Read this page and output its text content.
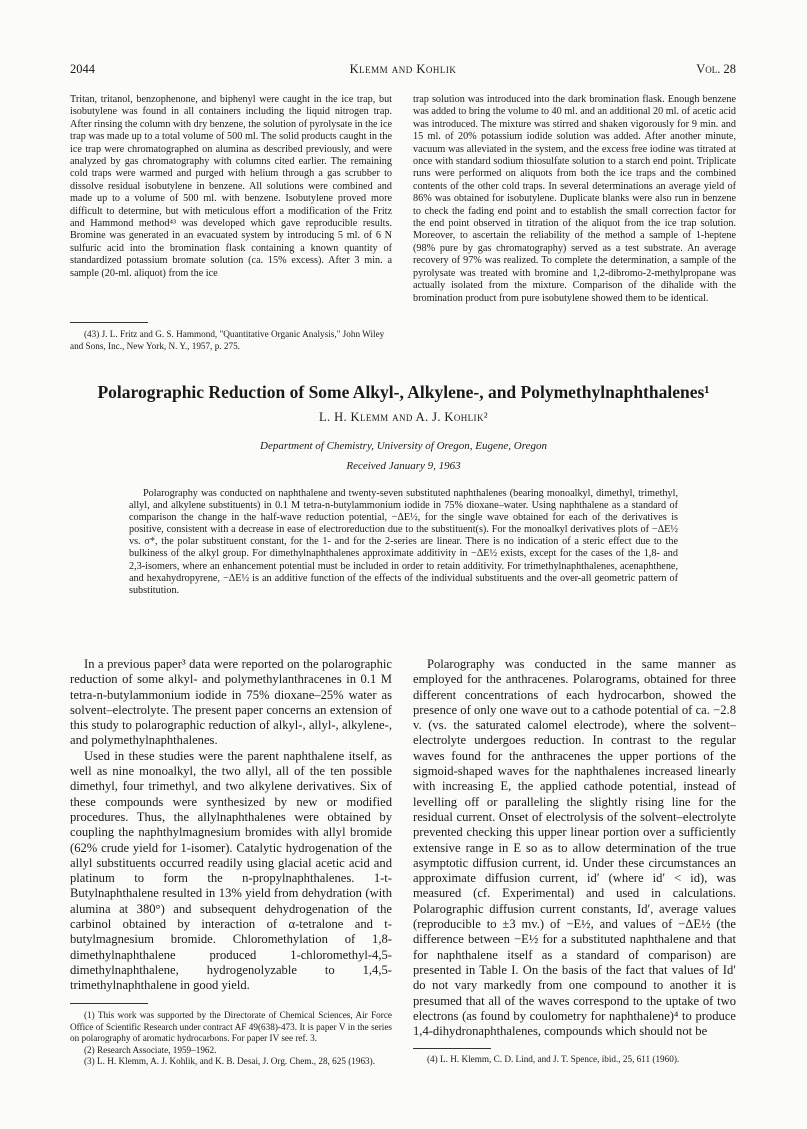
2044	Klemm and Kohlik	Vol. 28

Tritan, tritanol, benzophenone, and biphenyl were caught in the ice trap, but isobutylene was found in all containers including the liquid nitrogen trap. After rinsing the column with dry benzene, the solution of pyrolysate in the ice trap was made up to a total volume of 500 ml. The solid products caught in the ice trap were chromatographed on alumina as described previously, and were analyzed by gas chromatography with columns cited earlier. The remaining cold traps were warmed and purged with helium through a gas scrubber to dissolve residual isobutylene in benzene. All solutions were combined and made up to a volume of 500 ml. with benzene. Isobutylene proved more difficult to determine, but with meticulous effort a modification of the Fritz and Hammond method⁴³ was developed which gave reproducible results. Bromine was generated in an evacuated system by introducing 5 ml. of 6 N sulfuric acid into the bromination flask containing a known quantity of standardized potassium bromate solution (ca. 15% excess). After 3 min. a sample (20-ml. aliquot) from the ice

trap solution was introduced into the dark bromination flask. Enough benzene was added to bring the volume to 40 ml. and an additional 20 ml. of acetic acid was introduced. The mixture was stirred and shaken vigorously for 9 min. and 15 ml. of 20% potassium iodide solution was added. After another minute, vacuum was alleviated in the system, and the excess free iodine was titrated at once with standard sodium thiosulfate solution to a starch end point. Triplicate runs were performed on aliquots from both the ice traps and the combined contents of the other cold traps. In several determinations an average yield of 86% was obtained for isobutylene. Duplicate blanks were also run in benzene to check the fading end point and to establish the small correction factor for the end point observed in titration of the aliquot from the ice trap solution. Moreover, to ascertain the reliability of the method a sample of 1-heptene (98% pure by gas chromatography) served as a test substrate. An average recovery of 97% was realized. To complete the determination, a sample of the pyrolysate was treated with bromine and 1,2-dibromo-2-methylpropane was actually isolated from the mixture. Comparison of the dihalide with the bromination product from pure isobutylene showed them to be identical.

(43) J. L. Fritz and G. S. Hammond, "Quantitative Organic Analysis," John Wiley and Sons, Inc., New York, N. Y., 1957, p. 275.

Polarographic Reduction of Some Alkyl-, Alkylene-, and Polymethylnaphthalenes¹
L. H. Klemm and A. J. Kohlik²
Department of Chemistry, University of Oregon, Eugene, Oregon
Received January 9, 1963

Polarography was conducted on naphthalene and twenty-seven substituted naphthalenes (bearing monoalkyl, dimethyl, trimethyl, allyl, and alkylene substituents) in 0.1 M tetra-n-butylammonium iodide in 75% dioxane–water. Using naphthalene as a standard of comparison the change in the half-wave reduction potential, −ΔE½, for the single wave obtained for each of the derivatives is positive, consistent with a decrease in ease of electroreduction due to the substituent(s). For the monoalkyl derivatives plots of −ΔE½ vs. σ*, the polar substituent constant, for the 1- and for the 2-series are linear. There is no indication of a steric effect due to the bulkiness of the alkyl group. For dimethylnaphthalenes approximate additivity in −ΔE½ exists, except for the cases of the 1,8- and 2,3-isomers, where an enhancement potential must be included in order to retain additivity. For trimethylnaphthalenes, acenaphthene, and hexahydropyrene, −ΔE½ is an additive function of the effects of the individual substituents and the over-all geometric pattern of substitution.

In a previous paper³ data were reported on the polarographic reduction of some alkyl- and polymethylanthracenes in 0.1 M tetra-n-butylammonium iodide in 75% dioxane–25% water as solvent–electrolyte. The present paper concerns an extension of this study to polarographic reduction of alkyl-, allyl-, alkylene-, and polymethylnaphthalenes.

Used in these studies were the parent naphthalene itself, as well as nine monoalkyl, the two allyl, all of the ten possible dimethyl, four trimethyl, and two alkylene derivatives. Six of these compounds were synthesized by new or modified procedures. Thus, the allylnaphthalenes were obtained by coupling the naphthylmagnesium bromides with allyl bromide (62% crude yield for 1-isomer). Catalytic hydrogenation of the allyl substituents occurred readily using glacial acetic acid and platinum to form the n-propylnaphthalenes. 1-t-Butylnaphthalene resulted in 13% yield from dehydration (with alumina at 380°) and subsequent dehydrogenation of the carbinol obtained by interaction of α-tetralone and t-butylmagnesium bromide. Chloromethylation of 1,8-dimethylnaphthalene produced 1-chloromethyl-4,5-dimethylnaphthalene, hydrogenolyzable to 1,4,5-trimethylnaphthalene in good yield.

Polarography was conducted in the same manner as employed for the anthracenes. Polarograms, obtained for three different concentrations of each hydrocarbon, showed the presence of only one wave out to a cathode potential of ca. −2.8 v. (vs. the saturated calomel electrode), where the solvent–electrolyte undergoes reduction. In contrast to the regular waves found for the anthracenes the upper portions of the sigmoid-shaped waves for the naphthalenes increased linearly with increasing E, the applied cathode potential, instead of levelling off or paralleling the slightly rising line for the residual current. Onset of electrolysis of the solvent–electrolyte prevented checking this upper linear portion over a sufficiently extensive range in E so as to allow determination of the true asymptotic diffusion current, id. Under these circumstances an approximate diffusion current, id′ (where id′ < id), was measured (cf. Experimental) and used in calculations. Polarographic diffusion current constants, Id′, average values (reproducible to ±3 mv.) of −E½, and values of −ΔE½ (the difference between −E½ for a substituted naphthalene and that for naphthalene itself as a standard of comparison) are presented in Table I. On the basis of the fact that values of Id′ do not vary markedly from one compound to another it is presumed that all of the waves correspond to the uptake of two electrons (as found by coulometry for naphthalene)⁴ to produce 1,4-dihydronaphthalenes, compounds which should not be

(1) This work was supported by the Directorate of Chemical Sciences, Air Force Office of Scientific Research under contract AF 49(638)-473. It is paper V in the series on polarography of aromatic hydrocarbons. For paper IV see ref. 3.

(2) Research Associate, 1959–1962.

(3) L. H. Klemm, A. J. Kohlik, and K. B. Desai, J. Org. Chem., 28, 625 (1963).	(4) L. H. Klemm, C. D. Lind, and J. T. Spence, ibid., 25, 611 (1960).
